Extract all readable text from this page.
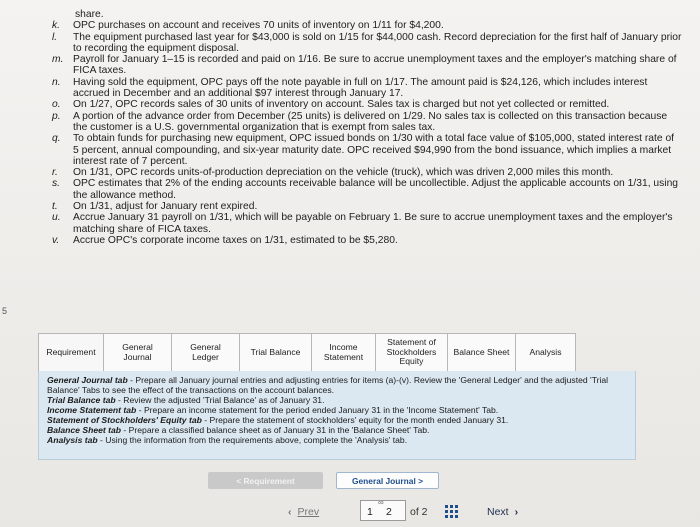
5
share.
k. OPC purchases on account and receives 70 units of inventory on 1/11 for $4,200.
l. The equipment purchased last year for $43,000 is sold on 1/15 for $44,000 cash. Record depreciation for the first half of January prior to recording the equipment disposal.
m. Payroll for January 1–15 is recorded and paid on 1/16. Be sure to accrue unemployment taxes and the employer's matching share of FICA taxes.
n. Having sold the equipment, OPC pays off the note payable in full on 1/17. The amount paid is $24,126, which includes interest accrued in December and an additional $97 interest through January 17.
o. On 1/27, OPC records sales of 30 units of inventory on account. Sales tax is charged but not yet collected or remitted.
p. A portion of the advance order from December (25 units) is delivered on 1/29. No sales tax is collected on this transaction because the customer is a U.S. governmental organization that is exempt from sales tax.
q. To obtain funds for purchasing new equipment, OPC issued bonds on 1/30 with a total face value of $105,000, stated interest rate of 5 percent, annual compounding, and six-year maturity date. OPC received $94,990 from the bond issuance, which implies a market interest rate of 7 percent.
r. On 1/31, OPC records units-of-production depreciation on the vehicle (truck), which was driven 2,000 miles this month.
s. OPC estimates that 2% of the ending accounts receivable balance will be uncollectible. Adjust the applicable accounts on 1/31, using the allowance method.
t. On 1/31, adjust for January rent expired.
u. Accrue January 31 payroll on 1/31, which will be payable on February 1. Be sure to accrue unemployment taxes and the employer's matching share of FICA taxes.
v. Accrue OPC's corporate income taxes on 1/31, estimated to be $5,280.
Requirement
General
Journal
General
Ledger	Trial Balance	Income
Statement
Statement of
Stockholders
Equity
Balance Sheet	Analysis
General Journal tab - Prepare all January journal entries and adjusting entries for items (a)-(v). Review the 'General Ledger' and the adjusted 'Trial Balance' Tabs to see the effect of the transactions on the account balances.
Trial Balance tab - Review the adjusted 'Trial Balance' as of January 31.
Income Statement tab - Prepare an income statement for the period ended January 31 in the 'Income Statement' Tab.
Statement of Stockholders' Equity tab - Prepare the statement of stockholders' equity for the month ended January 31.
Balance Sheet tab - Prepare a classified balance sheet as of January 31 in the 'Balance Sheet' Tab.
Analysis tab - Using the information from the requirements above, complete the 'Analysis' tab.
< Requirement	General Journal >
‹ Prev
∞
1 2 of 2	Next ›
